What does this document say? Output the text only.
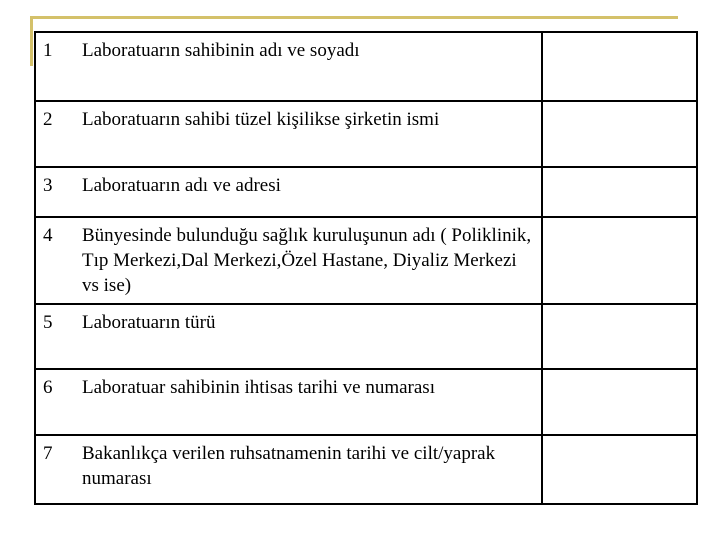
1	Laboratuarın sahibinin adı ve soyadı	
2	Laboratuarın sahibi tüzel kişilikse şirketin ismi	
3	Laboratuarın adı ve adresi	
4	Bünyesinde bulunduğu sağlık kuruluşunun adı ( Poliklinik, Tıp Merkezi,Dal Merkezi,Özel Hastane, Diyaliz Merkezi vs ise)	
5	Laboratuarın türü	
6	Laboratuar sahibinin ihtisas tarihi ve numarası	
7	Bakanlıkça verilen ruhsatnamenin tarihi ve cilt/yaprak numarası	
